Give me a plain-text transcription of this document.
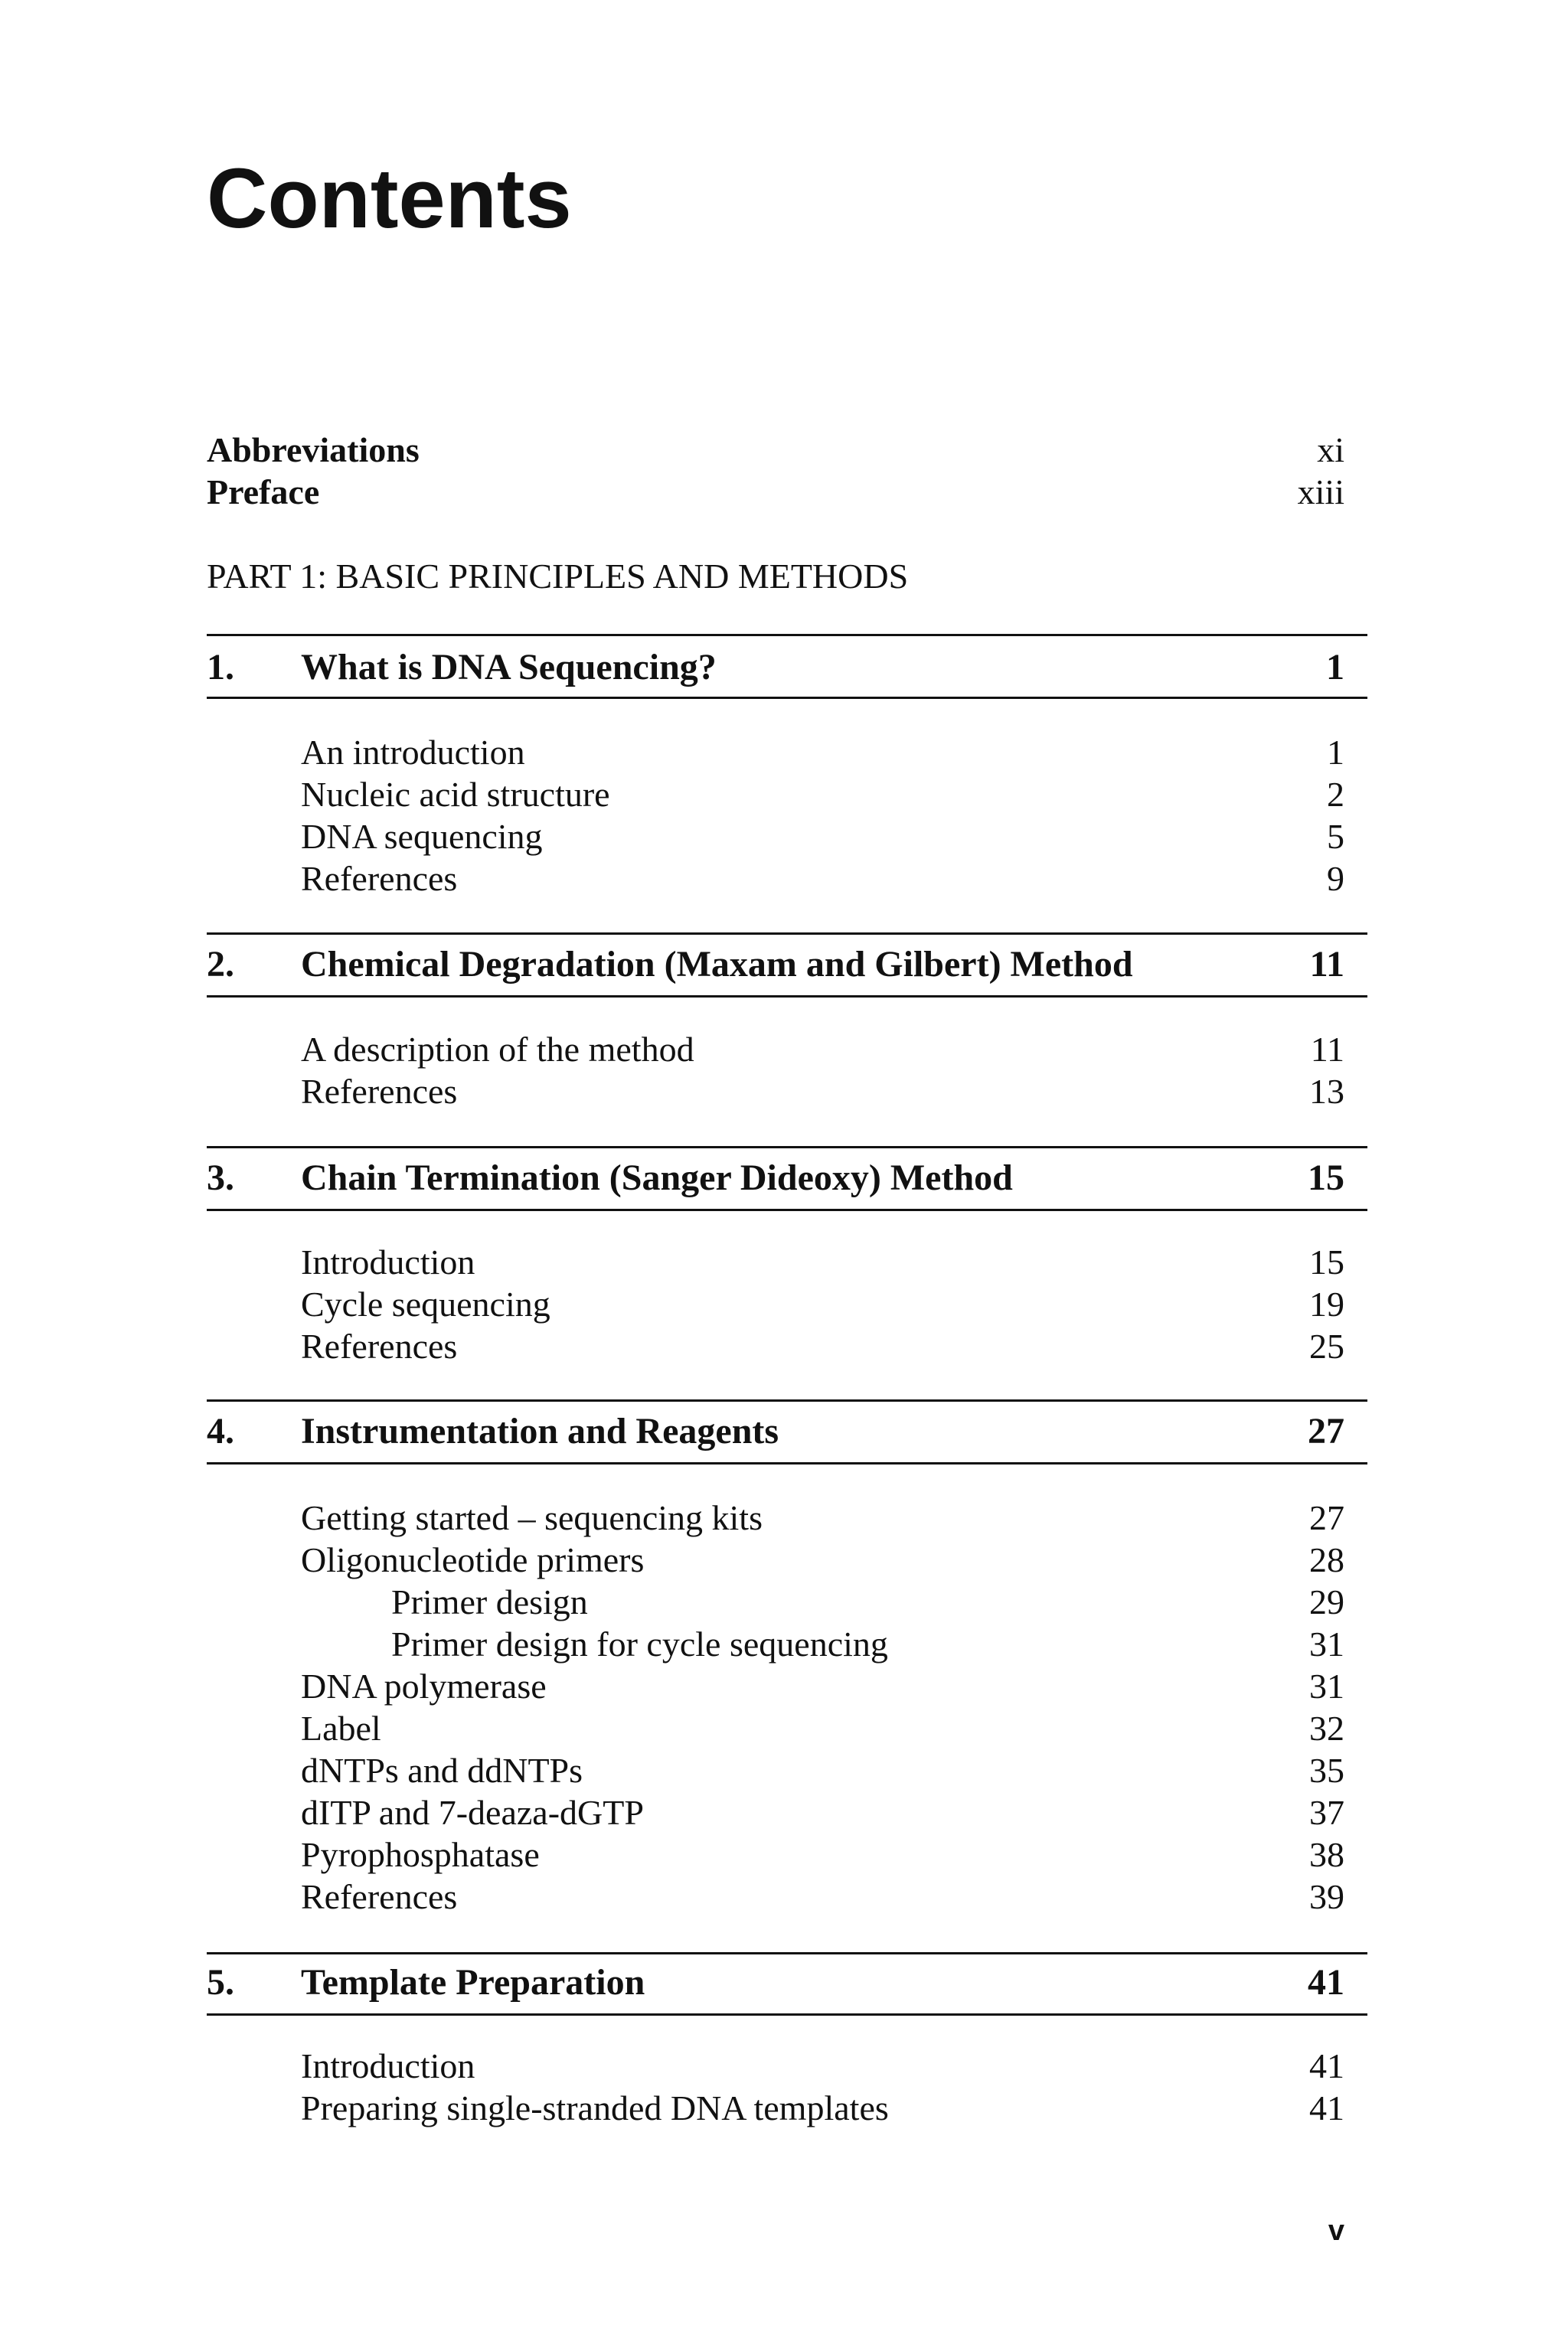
Contents
Abbreviations	xi
Preface	xiii
PART 1: BASIC PRINCIPLES AND METHODS
1. What is DNA Sequencing?	1
An introduction	1
Nucleic acid structure	2
DNA sequencing	5
References	9
2. Chemical Degradation (Maxam and Gilbert) Method	11
A description of the method	11
References	13
3. Chain Termination (Sanger Dideoxy) Method	15
Introduction	15
Cycle sequencing	19
References	25
4. Instrumentation and Reagents	27
Getting started – sequencing kits	27
Oligonucleotide primers	28
Primer design	29
Primer design for cycle sequencing	31
DNA polymerase	31
Label	32
dNTPs and ddNTPs	35
dITP and 7-deaza-dGTP	37
Pyrophosphatase	38
References	39
5. Template Preparation	41
Introduction	41
Preparing single-stranded DNA templates	41
v
